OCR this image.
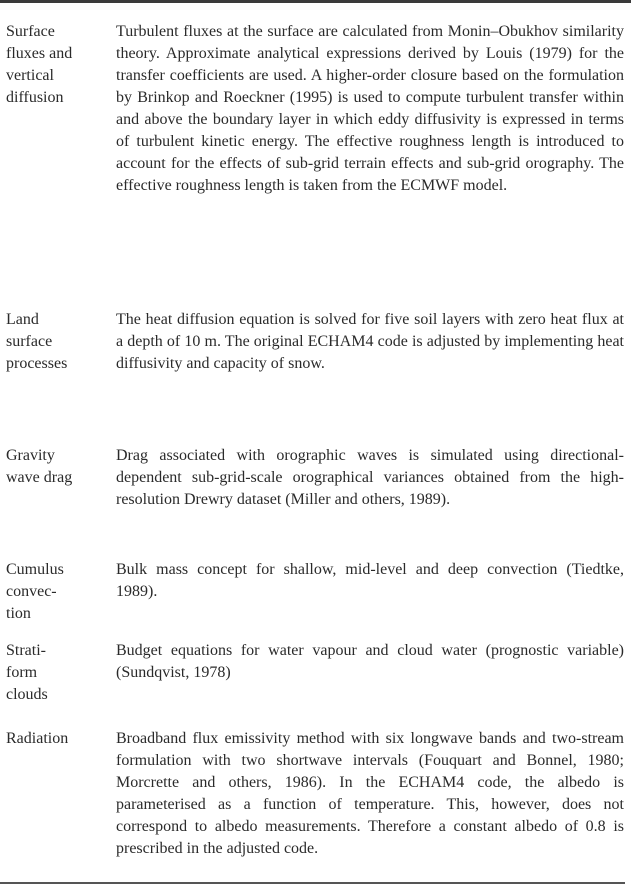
Surface
fluxes and
vertical
diffusion
Turbulent fluxes at the surface are calculated from Monin–Obukhov similarity theory. Approximate analytical expressions derived by Louis (1979) for the transfer coefficients are used. A higher-order closure based on the formulation by Brinkop and Roeckner (1995) is used to compute turbulent transfer within and above the boundary layer in which eddy diffusivity is expressed in terms of turbulent kinetic energy. The effective roughness length is introduced to account for the effects of sub-grid terrain effects and sub-grid orography. The effective roughness length is taken from the ECMWF model.
Land
surface
processes
The heat diffusion equation is solved for five soil layers with zero heat flux at a depth of 10 m. The original ECHAM4 code is adjusted by implementing heat diffusivity and capacity of snow.
Gravity
wave drag
Drag associated with orographic waves is simulated using directional-dependent sub-grid-scale orographical variances obtained from the high-resolution Drewry dataset (Miller and others, 1989).
Cumulus
convec-
tion
Bulk mass concept for shallow, mid-level and deep convection (Tiedtke, 1989).
Strati-
form
clouds
Budget equations for water vapour and cloud water (prognostic variable) (Sundqvist, 1978)
Radiation	Broadband flux emissivity method with six longwave bands and two-stream formulation with two shortwave intervals (Fouquart and Bonnel, 1980; Morcrette and others, 1986). In the ECHAM4 code, the albedo is parameterised as a function of temperature. This, however, does not correspond to albedo measurements. Therefore a constant albedo of 0.8 is prescribed in the adjusted code.
